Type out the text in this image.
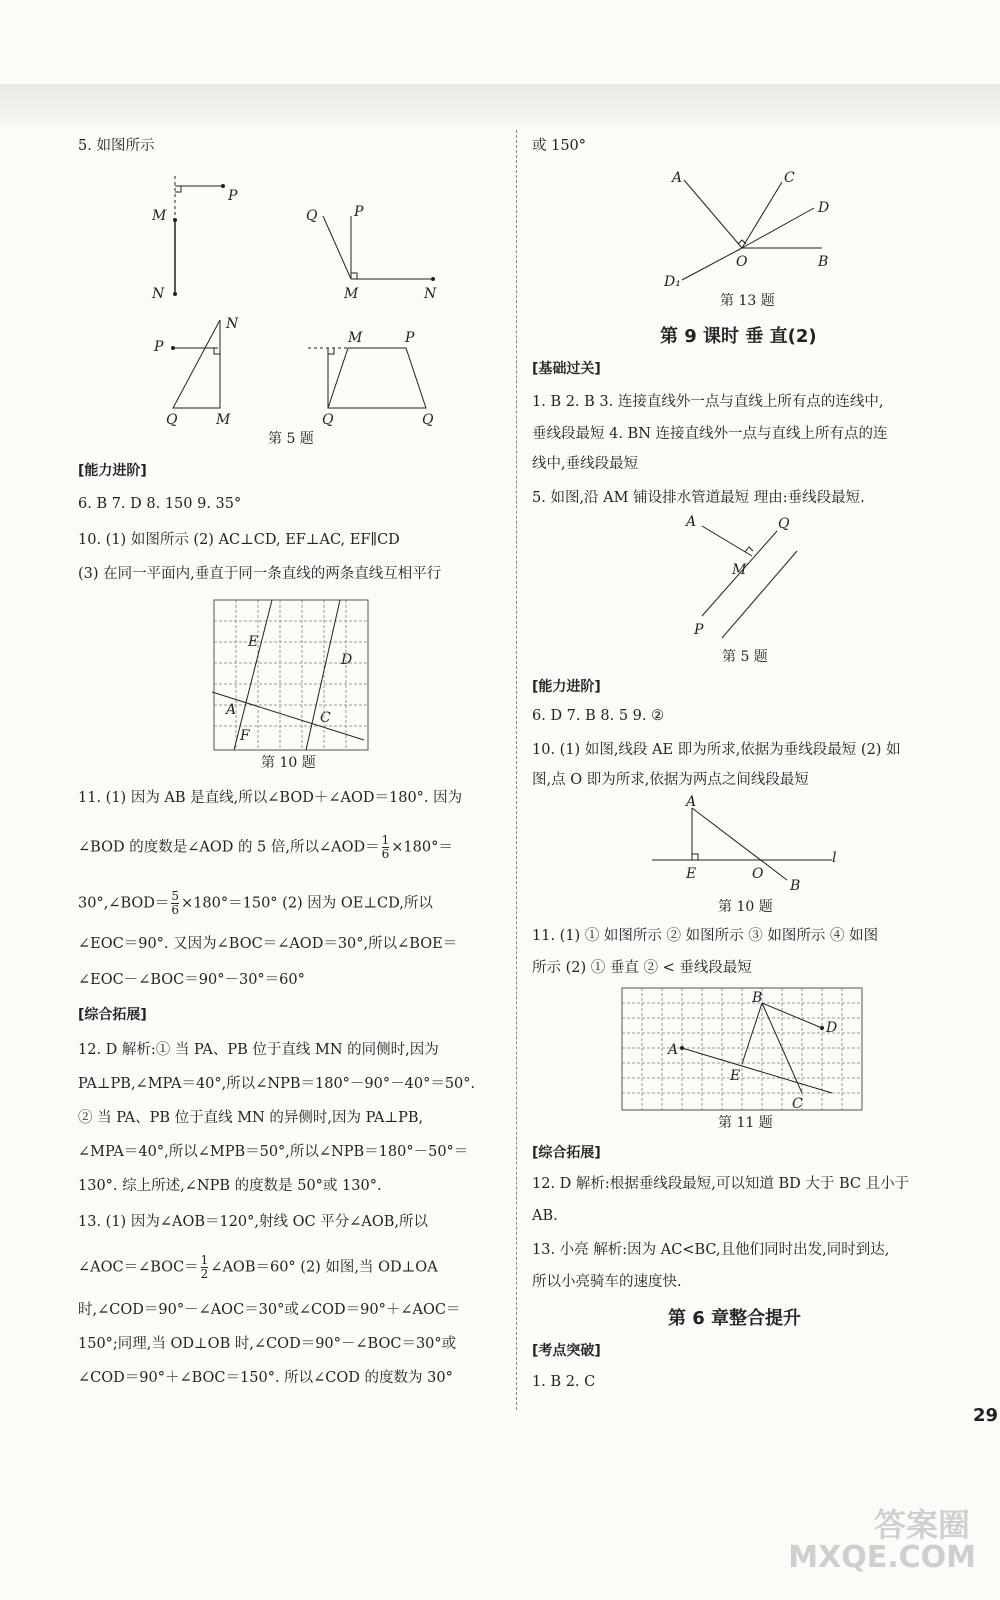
5. 如图所示
P
M
N
Q	P
M	N
P
N
Q	M
M	P
Q	Q
第 5 题
[能力进阶]
6. B 7. D 8. 150 9. 35°
10. (1) 如图所示 (2) AC⊥CD, EF⊥AC, EF∥CD
(3) 在同一平面内,垂直于同一条直线的两条直线互相平行
E
D
A	C
F
第 10 题
11. (1) 因为 AB 是直线,所以∠BOD＋∠AOD＝180°. 因为
∠BOD 的度数是∠AOD 的 5 倍,所以∠AOD＝ $\frac{1}{6} \times 180^\circ=$
30°,∠BOD＝ $\frac{5}{6} \times 180^\circ=150^\circ$ (2) 因为 OE⊥CD,所以
∠EOC＝90°. 又因为∠BOC＝∠AOD＝30°,所以∠BOE＝
∠EOC－∠BOC＝90°－30°＝60°
[综合拓展]
12. D 解析:① 当 PA、PB 位于直线 MN 的同侧时,因为
PA⊥PB,∠MPA＝40°,所以∠NPB＝180°－90°－40°＝50°.
② 当 PA、PB 位于直线 MN 的异侧时,因为 PA⊥PB,
∠MPA＝40°,所以∠MPB＝50°,所以∠NPB＝180°－50°＝
130°. 综上所述,∠NPB 的度数是 50°或 130°.
13. (1) 因为∠AOB＝120°,射线 OC 平分∠AOB,所以
∠AOC＝∠BOC＝ $\frac{1}{2}$ ∠AOB＝60° (2) 如图,当 OD⊥OA
时,∠COD＝90°－∠AOC＝30°或∠COD＝90°＋∠AOC＝
150°;同理,当 OD⊥OB 时,∠COD＝90°－∠BOC＝30°或
∠COD＝90°＋∠BOC＝150°. 所以∠COD 的度数为 30°
或 150°
A	C
D
O	B
D₁
第 13 题
第 9 课时 垂 直(2)
[基础过关]
1. B 2. B 3. 连接直线外一点与直线上所有点的连线中,
垂线段最短 4. BN 连接直线外一点与直线上所有点的连
线中,垂线段最短
5. 如图,沿 AM 铺设排水管道最短 理由:垂线段最短.
A	Q
M
P
第 5 题
[能力进阶]
6. D 7. B 8. 5 9. ②
10. (1) 如图,线段 AE 即为所求,依据为垂线段最短 (2) 如
图,点 O 即为所求,依据为两点之间线段最短
A
E	O
B
l
第 10 题
11. (1) ① 如图所示 ② 如图所示 ③ 如图所示 ④ 如图
所示 (2) ① 垂直 ② < 垂线段最短
B
D
A
E
C
第 11 题
[综合拓展]
12. D 解析:根据垂线段最短,可以知道 BD 大于 BC 且小于
AB.
13. 小亮 解析:因为 AC<BC,且他们同时出发,同时到达,
所以小亮骑车的速度快.
第 6 章整合提升
[考点突破]
1. B 2. C
29
答案圈
MXQE.COM
